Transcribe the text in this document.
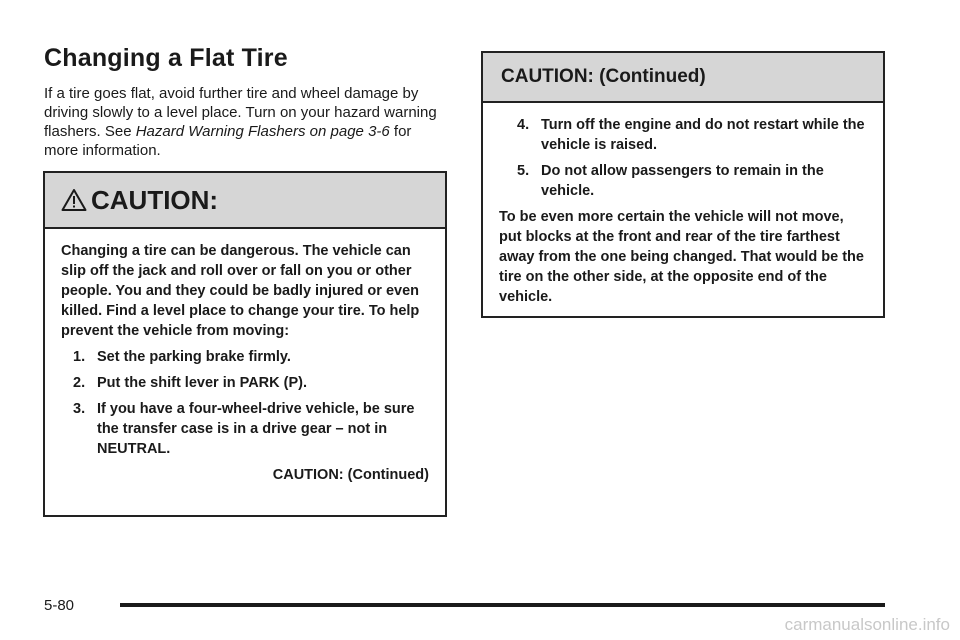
Changing a Flat Tire

If a tire goes flat, avoid further tire and wheel damage by driving slowly to a level place. Turn on your hazard warning flashers. See Hazard Warning Flashers on page 3-6 for more information.

CAUTION:

Changing a tire can be dangerous. The vehicle can slip off the jack and roll over or fall on you or other people. You and they could be badly injured or even killed. Find a level place to change your tire. To help prevent the vehicle from moving:

1. Set the parking brake firmly.
2. Put the shift lever in PARK (P).
3. If you have a four-wheel-drive vehicle, be sure the transfer case is in a drive gear – not in NEUTRAL.

CAUTION: (Continued)

CAUTION: (Continued)
4. Turn off the engine and do not restart while the vehicle is raised.
5. Do not allow passengers to remain in the vehicle.

To be even more certain the vehicle will not move, put blocks at the front and rear of the tire farthest away from the one being changed. That would be the tire on the other side, at the opposite end of the vehicle.

5-80
carmanualsonline.info
